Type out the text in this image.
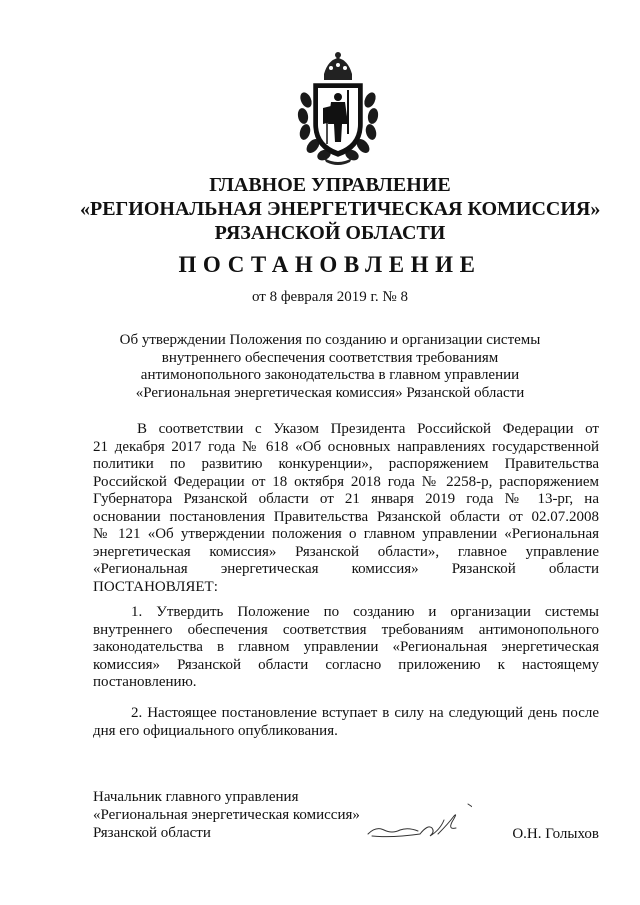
ГЛАВНОЕ УПРАВЛЕНИЕ
«РЕГИОНАЛЬНАЯ ЭНЕРГЕТИЧЕСКАЯ КОМИССИЯ»
РЯЗАНСКОЙ ОБЛАСТИ
ПОСТАНОВЛЕНИЕ
от 8 февраля 2019 г. № 8
Об утверждении Положения по созданию и организации системы
внутреннего обеспечения соответствия требованиям
антимонопольного законодательства в главном управлении
«Региональная энергетическая комиссия» Рязанской области
В соответствии с Указом Президента Российской Федерации от
21 декабря 2017 года № 618 «Об основных направлениях государственной
политики по развитию конкуренции», распоряжением Правительства
Российской Федерации от 18 октября 2018 года № 2258-р, распоряжением
Губернатора Рязанской области от 21 января 2019 года № 13-рг, на
основании постановления Правительства Рязанской области от 02.07.2008
№ 121 «Об утверждении положения о главном управлении «Региональная
энергетическая комиссия» Рязанской области», главное управление
«Региональная энергетическая комиссия» Рязанской области
ПОСТАНОВЛЯЕТ:
1. Утвердить Положение по созданию и организации системы
внутреннего обеспечения соответствия требованиям антимонопольного
законодательства в главном управлении «Региональная энергетическая
комиссия» Рязанской области согласно приложению к настоящему
постановлению.
2. Настоящее постановление вступает в силу на следующий день после
дня его официального опубликования.
Начальник главного управления
«Региональная энергетическая комиссия»
Рязанской области	О.Н. Голыхов
